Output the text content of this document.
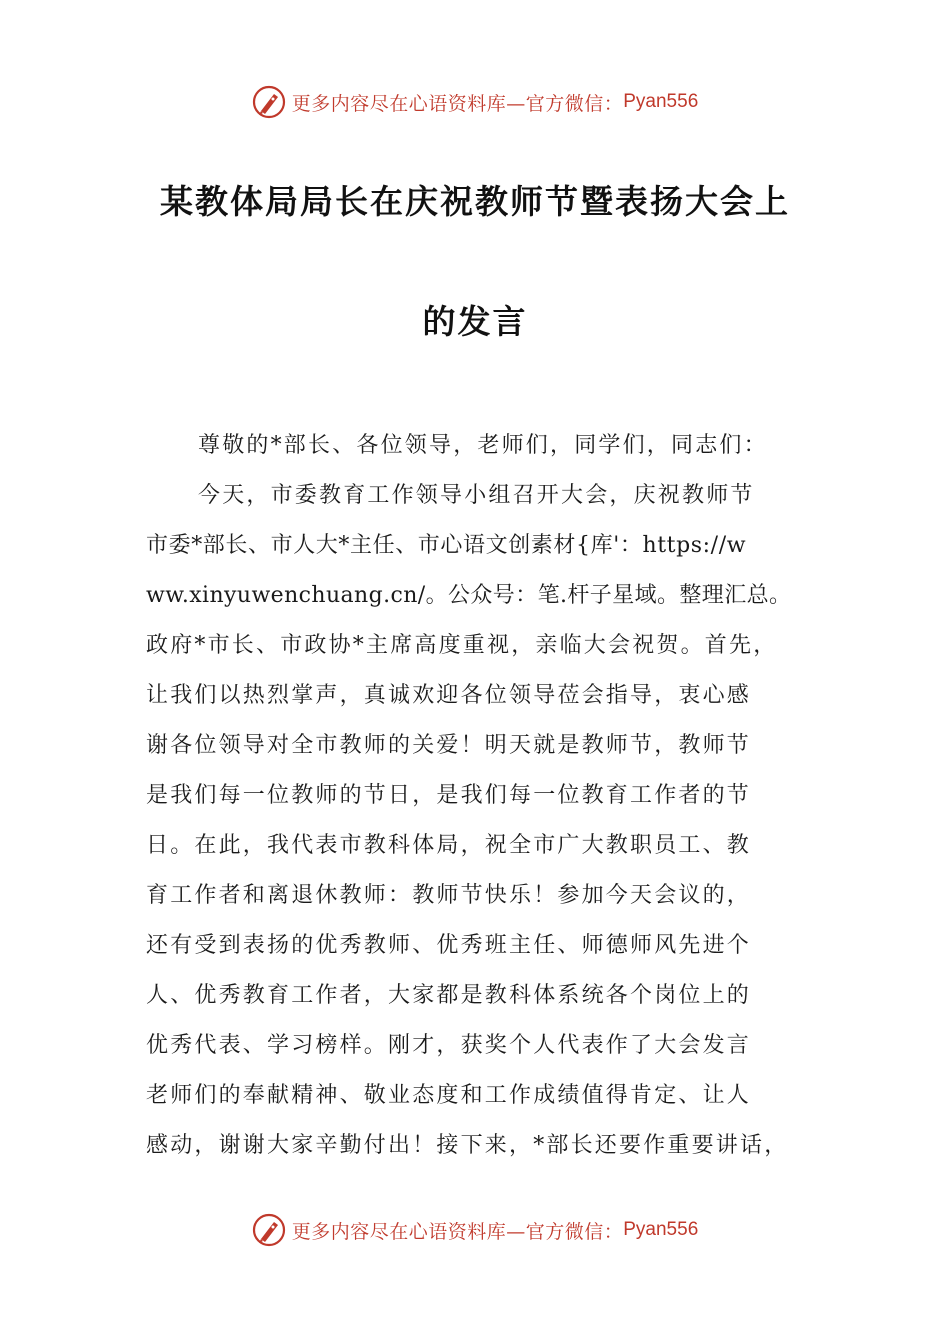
更多内容尽在心语资料库—官方微信： Pyan556
某教体局局长在庆祝教师节暨表扬大会上
的发言
尊敬的*部长、各位领导，老师们，同学们，同志们：
今天，市委教育工作领导小组召开大会，庆祝教师节
市委*部长、市人大*主任、市心语文创素材{库'：https://w
ww.xinyuwenchuang.cn/。公众号：笔.杆子星域。整理汇总。
政府*市长、市政协*主席高度重视，亲临大会祝贺。首先，
让我们以热烈掌声，真诚欢迎各位领导莅会指导，衷心感
谢各位领导对全市教师的关爱！明天就是教师节，教师节
是我们每一位教师的节日，是我们每一位教育工作者的节
日。在此，我代表市教科体局，祝全市广大教职员工、教
育工作者和离退休教师：教师节快乐！参加今天会议的，
还有受到表扬的优秀教师、优秀班主任、师德师风先进个
人、优秀教育工作者，大家都是教科体系统各个岗位上的
优秀代表、学习榜样。刚才，获奖个人代表作了大会发言
老师们的奉献精神、敬业态度和工作成绩值得肯定、让人
感动，谢谢大家辛勤付出！接下来，*部长还要作重要讲话，
更多内容尽在心语资料库—官方微信： Pyan556
